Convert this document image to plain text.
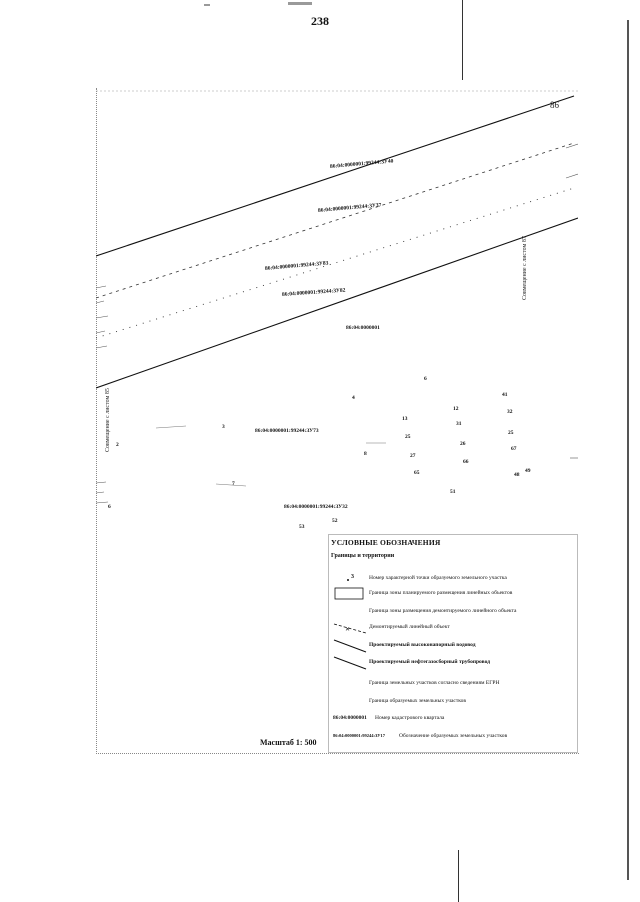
238
86
Совмещение с листом 87
Совмещение с листом 85
86:04:0000001:99244:ЗУ40
86:04:0000001:99244:ЗУ37
86:04:0000001:99244:ЗУ83
86:04:0000001:99244:ЗУ82
86:04:0000001
86:04:0000001:99244:ЗУ73
86:04:0000001:99244:ЗУ32
6
4	41
12	32
13
31
3
25
26
25
67
2
8	27
66
65	48
49
7
51
52
53
6
Масштаб 1: 500
УСЛОВНЫЕ ОБОЗНАЧЕНИЯ
Границы и территории
3	Номер характерной точки образуемого земельного участка
Граница зоны планируемого размещения линейных объектов
Граница зоны размещения демонтируемого линейного объекта
✕	Демонтируемый линейный объект
Проектируемый высоконапорный водовод
Проектируемый нефтегазосборный трубопровод
Граница земельных участков согласно сведениям ЕГРН
Граница образуемых земельных участков
86:04:0000001 Номер кадастрового квартала
86:04:0000001:99244:ЗУ17	Обозначение образуемых земельных участков
